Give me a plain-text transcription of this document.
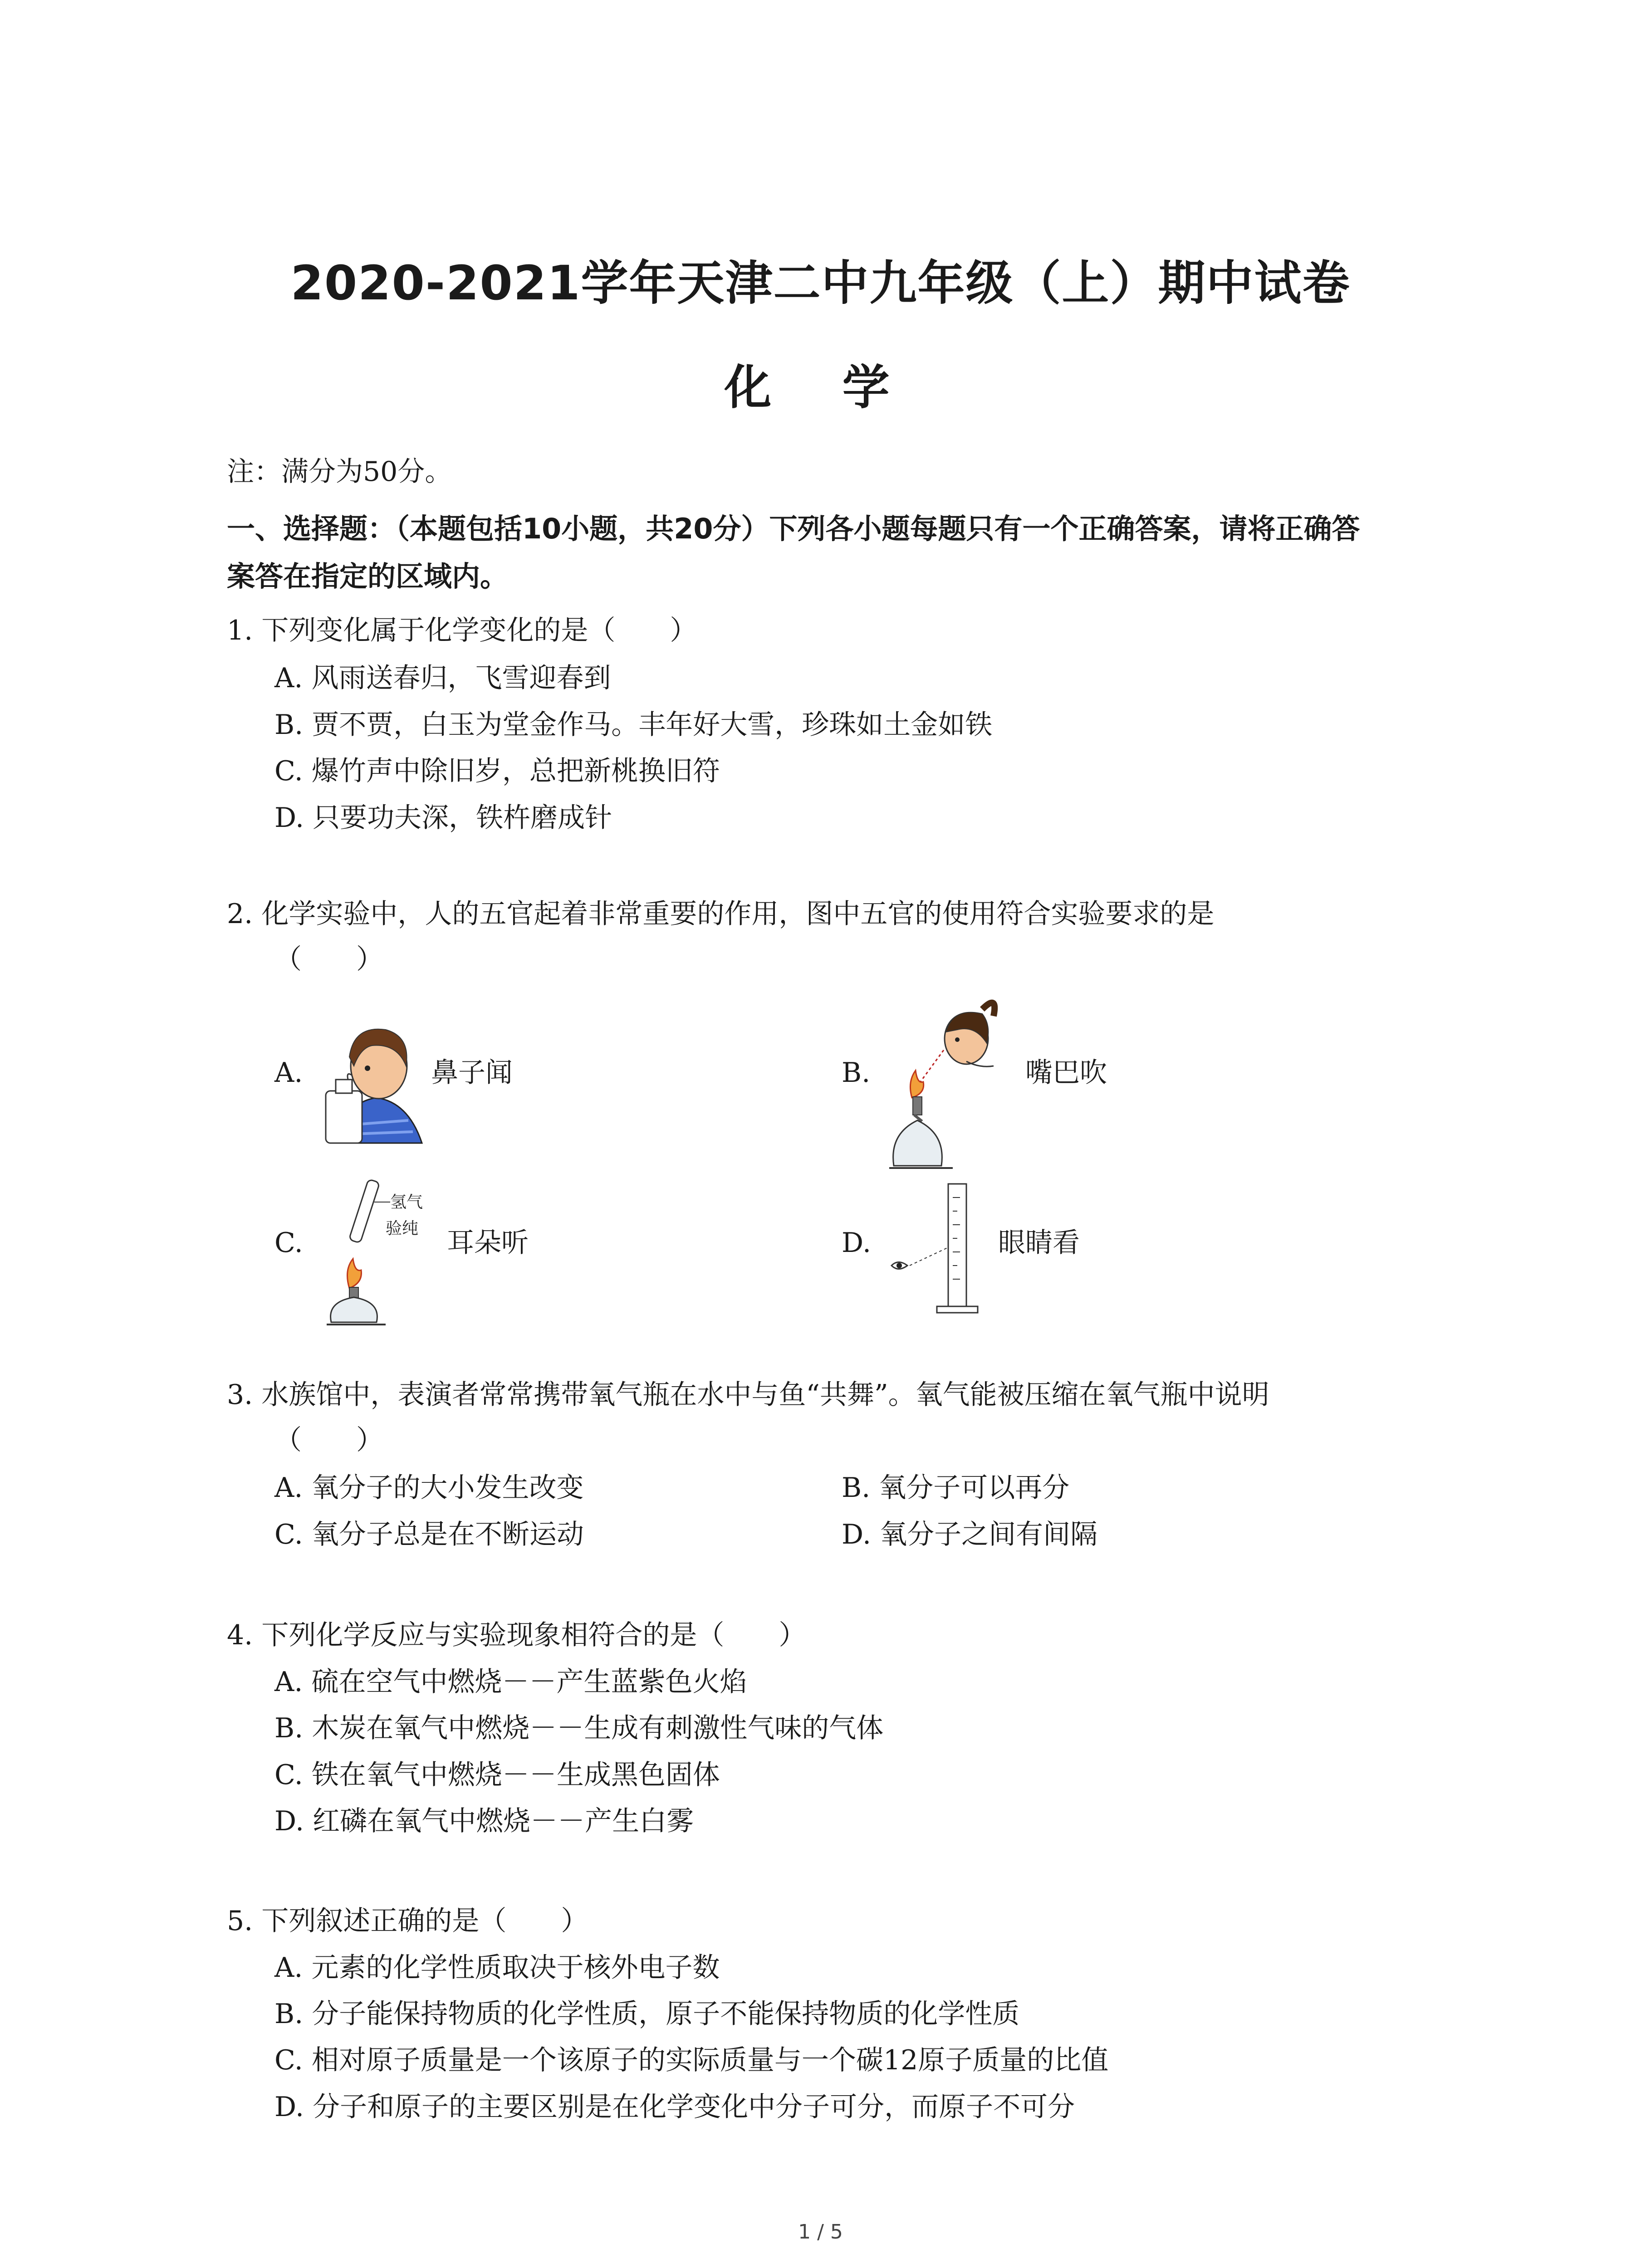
2020-2021学年天津二中九年级（上）期中试卷
化 学
注：满分为50分。
一、选择题：（本题包括10小题，共20分）下列各小题每题只有一个正确答案，请将正确答
案答在指定的区域内。
1. 下列变化属于化学变化的是（　　）
A. 风雨送春归，飞雪迎春到
B. 贾不贾，白玉为堂金作马。丰年好大雪，珍珠如土金如铁
C. 爆竹声中除旧岁，总把新桃换旧符
D. 只要功夫深，铁杵磨成针
2. 化学实验中，人的五官起着非常重要的作用，图中五官的使用符合实验要求的是
（　　）
A.	鼻子闻	B.	嘴巴吹
C.
氢气
验纯 耳朵听	D.	眼睛看
3. 水族馆中，表演者常常携带氧气瓶在水中与鱼“共舞”。氧气能被压缩在氧气瓶中说明
（　　）
A. 氧分子的大小发生改变	B. 氧分子可以再分
C. 氧分子总是在不断运动	D. 氧分子之间有间隔
4. 下列化学反应与实验现象相符合的是（　　）
A. 硫在空气中燃烧－－产生蓝紫色火焰
B. 木炭在氧气中燃烧－－生成有刺激性气味的气体
C. 铁在氧气中燃烧－－生成黑色固体
D. 红磷在氧气中燃烧－－产生白雾
5. 下列叙述正确的是（　　）
A. 元素的化学性质取决于核外电子数
B. 分子能保持物质的化学性质，原子不能保持物质的化学性质
C. 相对原子质量是一个该原子的实际质量与一个碳12原子质量的比值
D. 分子和原子的主要区别是在化学变化中分子可分，而原子不可分
1 / 5
